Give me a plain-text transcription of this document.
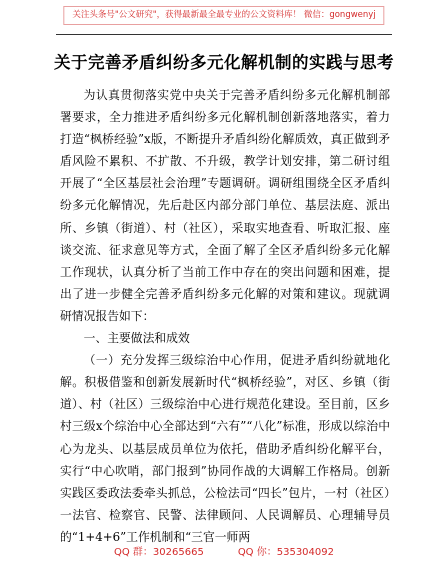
关注头条号"公文研究"，获得最新最全最专业的公文资料库！ 微信：gongwenyj
关于完善矛盾纠纷多元化解机制的实践与思考

为认真贯彻落实党中央关于完善矛盾纠纷多元化解机制部署要求，全力推进矛盾纠纷多元化解机制创新落地落实，着力打造“枫桥经验”x版，不断提升矛盾纠纷化解质效，真正做到矛盾风险不累积、不扩散、不升级，教学计划安排，第二研讨组开展了“全区基层社会治理”专题调研。调研组围绕全区矛盾纠纷多元化解情况，先后赴区内部分部门单位、基层法庭、派出所、乡镇（街道）、村（社区），采取实地查看、听取汇报、座谈交流、征求意见等方式，全面了解了全区矛盾纠纷多元化解工作现状，认真分析了当前工作中存在的突出问题和困难，提出了进一步健全完善矛盾纠纷多元化解的对策和建议。现就调研情况报告如下：

一、主要做法和成效

（一）充分发挥三级综治中心作用，促进矛盾纠纷就地化解。积极借鉴和创新发展新时代“枫桥经验”，对区、乡镇（街道）、村（社区）三级综治中心进行规范化建设。至目前，区乡村三级x个综治中心全部达到“六有”“八化”标准，形成以综治中心为龙头、以基层成员单位为依托，借助矛盾纠纷化解平台，实行“中心吹哨，部门报到”协同作战的大调解工作格局。创新实践区委政法委牵头抓总，公检法司“四长”包片，一村（社区）一法官、检察官、民警、法律顾问、人民调解员、心理辅导员的“1+4+6”工作机制和“三官一师两

QQ 群：30265665	QQ 你：535304092
